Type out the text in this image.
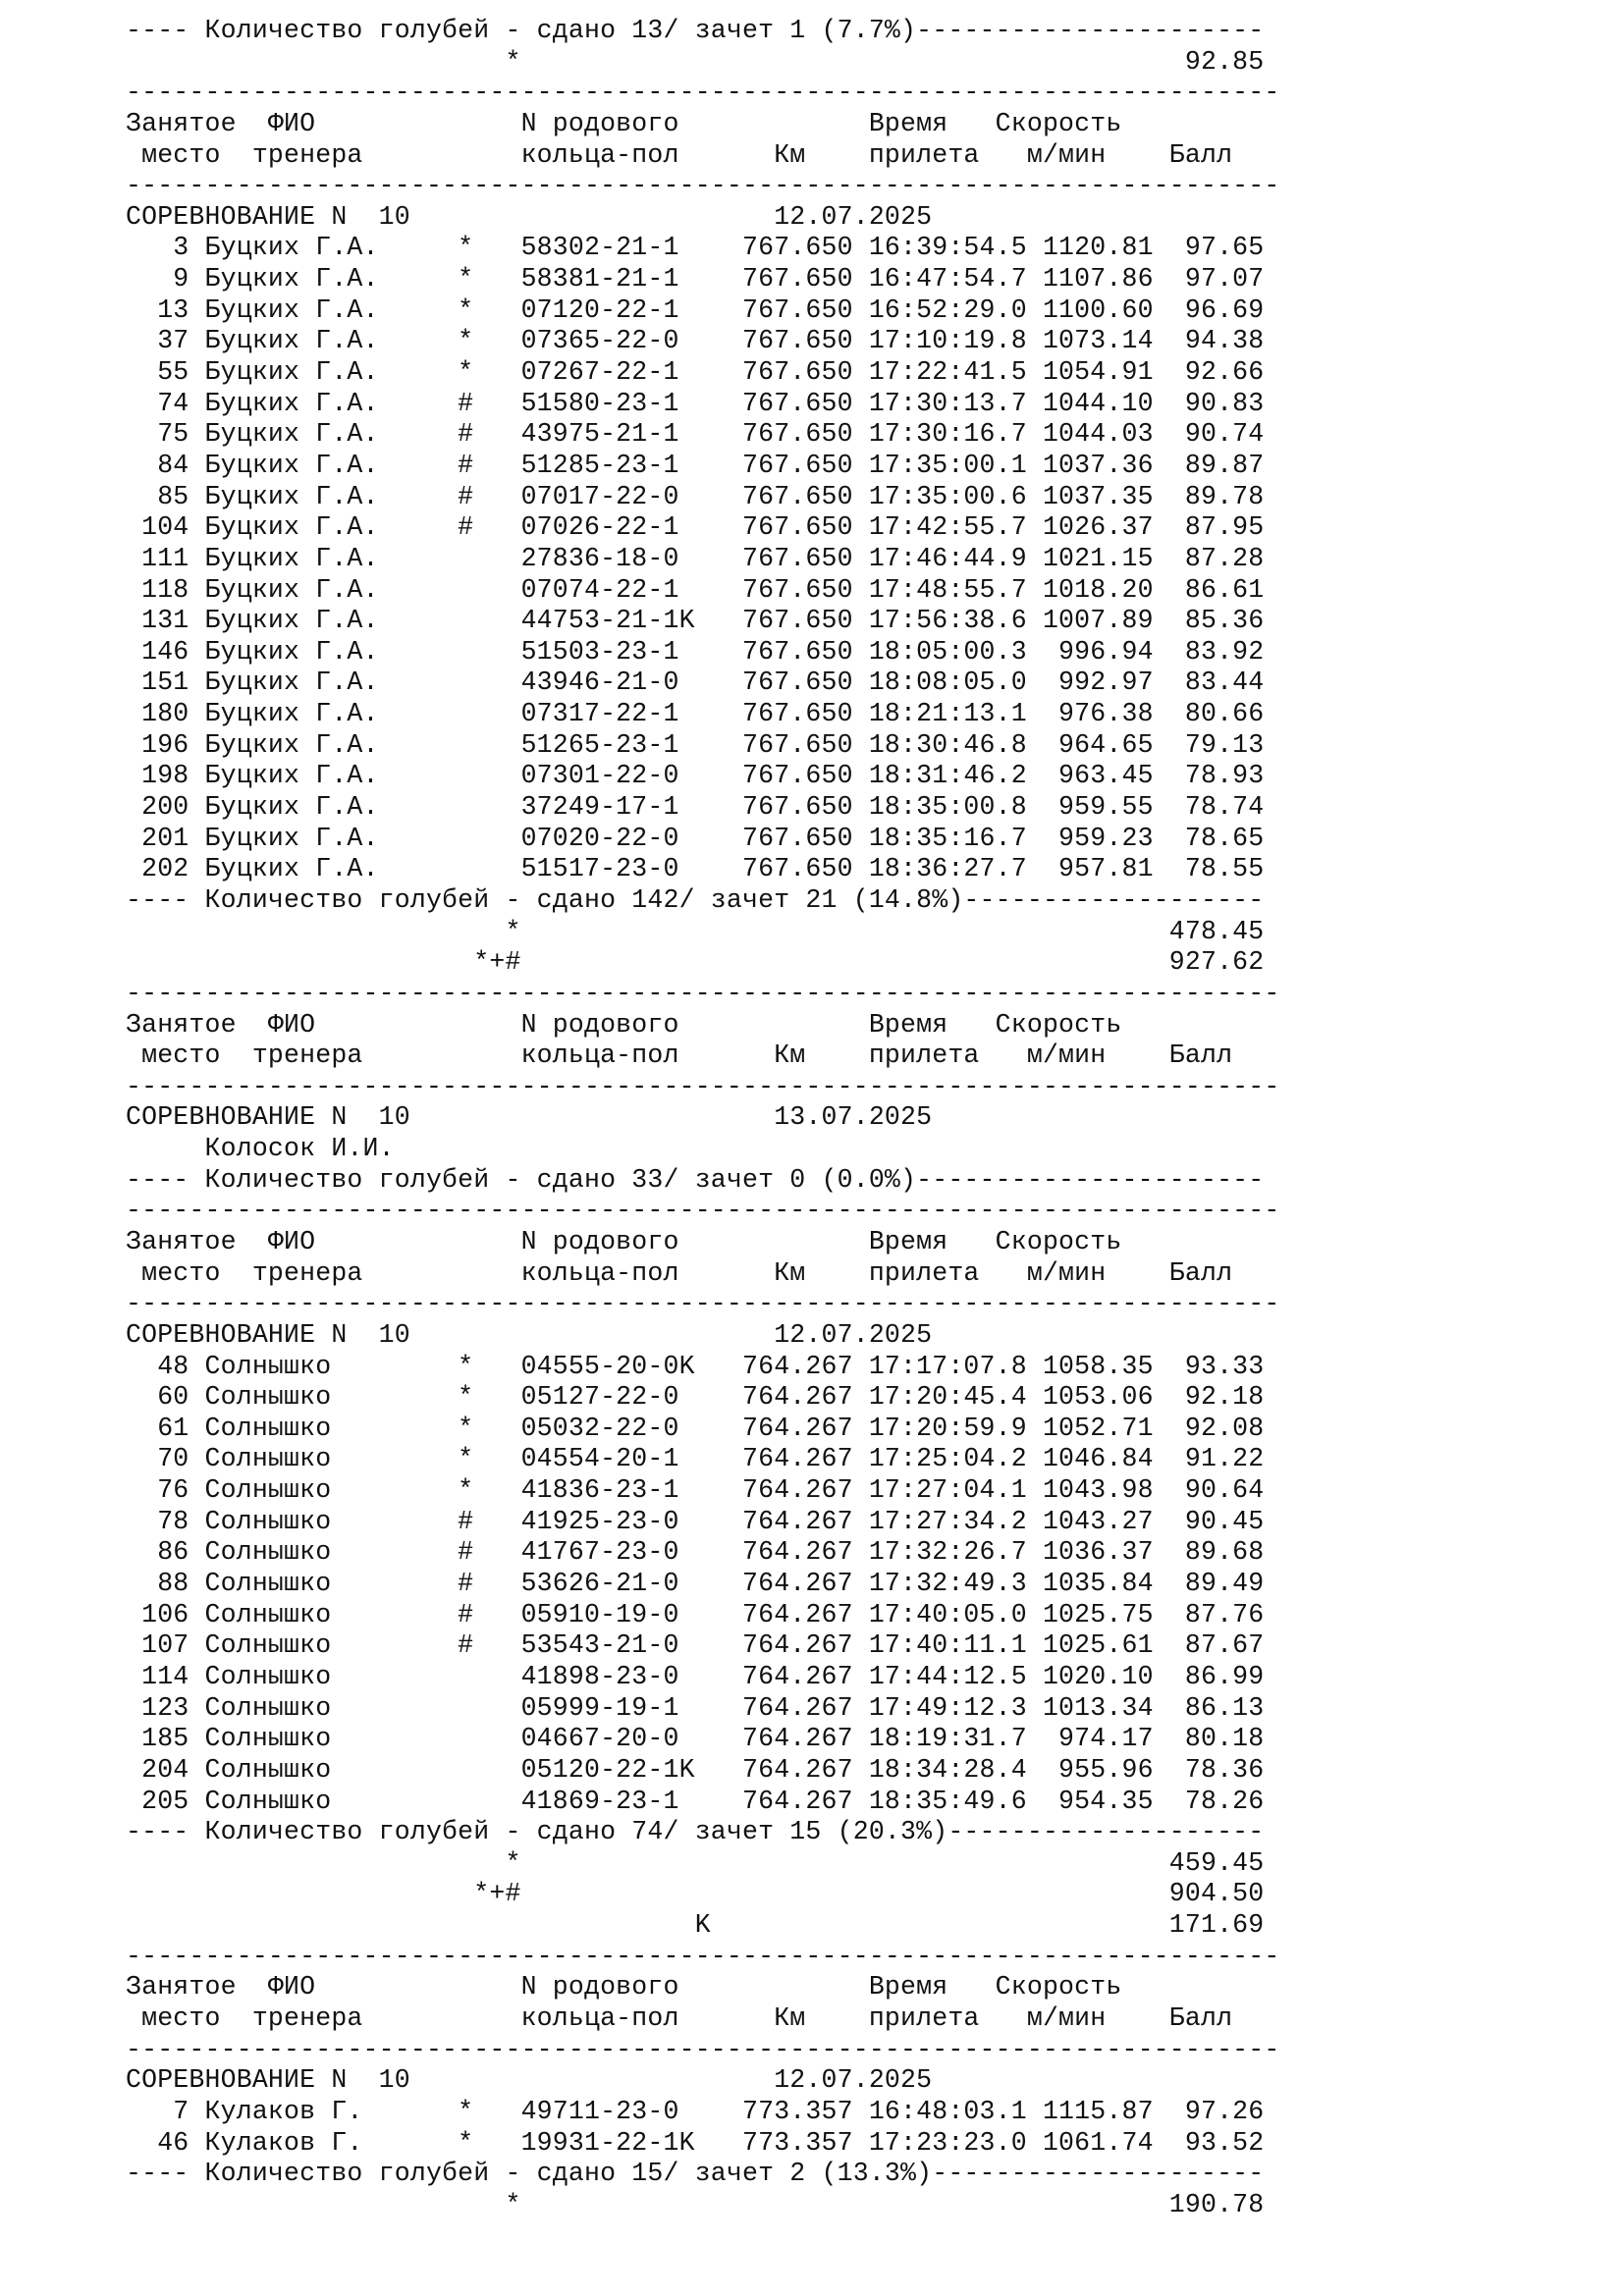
---- Количество голубей - сдано 13/ зачет 1 (7.7%)----------------------
*                                          92.85
-------------------------------------------------------------------------
Занятое  ФИО             N родового            Время   Скорость
место  тренера          кольца-пол      Км    прилета   м/мин    Балл
-------------------------------------------------------------------------
СОРЕВНОВАНИЕ N  10                       12.07.2025
3 Буцких Г.А.     *   58302-21-1    767.650 16:39:54.5 1120.81  97.65
9 Буцких Г.А.     *   58381-21-1    767.650 16:47:54.7 1107.86  97.07
13 Буцких Г.А.     *   07120-22-1    767.650 16:52:29.0 1100.60  96.69
37 Буцких Г.А.     *   07365-22-0    767.650 17:10:19.8 1073.14  94.38
55 Буцких Г.А.     *   07267-22-1    767.650 17:22:41.5 1054.91  92.66
74 Буцких Г.А.     #   51580-23-1    767.650 17:30:13.7 1044.10  90.83
75 Буцких Г.А.     #   43975-21-1    767.650 17:30:16.7 1044.03  90.74
84 Буцких Г.А.     #   51285-23-1    767.650 17:35:00.1 1037.36  89.87
85 Буцких Г.А.     #   07017-22-0    767.650 17:35:00.6 1037.35  89.78
104 Буцких Г.А.     #   07026-22-1    767.650 17:42:55.7 1026.37  87.95
111 Буцких Г.А.         27836-18-0    767.650 17:46:44.9 1021.15  87.28
118 Буцких Г.А.         07074-22-1    767.650 17:48:55.7 1018.20  86.61
131 Буцких Г.А.         44753-21-1K   767.650 17:56:38.6 1007.89  85.36
146 Буцких Г.А.         51503-23-1    767.650 18:05:00.3  996.94  83.92
151 Буцких Г.А.         43946-21-0    767.650 18:08:05.0  992.97  83.44
180 Буцких Г.А.         07317-22-1    767.650 18:21:13.1  976.38  80.66
196 Буцких Г.А.         51265-23-1    767.650 18:30:46.8  964.65  79.13
198 Буцких Г.А.         07301-22-0    767.650 18:31:46.2  963.45  78.93
200 Буцких Г.А.         37249-17-1    767.650 18:35:00.8  959.55  78.74
201 Буцких Г.А.         07020-22-0    767.650 18:35:16.7  959.23  78.65
202 Буцких Г.А.         51517-23-0    767.650 18:36:27.7  957.81  78.55
---- Количество голубей - сдано 142/ зачет 21 (14.8%)-------------------
*                                         478.45
*+#                                         927.62
-------------------------------------------------------------------------
Занятое  ФИО             N родового            Время   Скорость
место  тренера          кольца-пол      Км    прилета   м/мин    Балл
-------------------------------------------------------------------------
СОРЕВНОВАНИЕ N  10                       13.07.2025
Колосок И.И.
---- Количество голубей - сдано 33/ зачет 0 (0.0%)----------------------
-------------------------------------------------------------------------
Занятое  ФИО             N родового            Время   Скорость
место  тренера          кольца-пол      Км    прилета   м/мин    Балл
-------------------------------------------------------------------------
СОРЕВНОВАНИЕ N  10                       12.07.2025
48 Солнышко        *   04555-20-0K   764.267 17:17:07.8 1058.35  93.33
60 Солнышко        *   05127-22-0    764.267 17:20:45.4 1053.06  92.18
61 Солнышко        *   05032-22-0    764.267 17:20:59.9 1052.71  92.08
70 Солнышко        *   04554-20-1    764.267 17:25:04.2 1046.84  91.22
76 Солнышко        *   41836-23-1    764.267 17:27:04.1 1043.98  90.64
78 Солнышко        #   41925-23-0    764.267 17:27:34.2 1043.27  90.45
86 Солнышко        #   41767-23-0    764.267 17:32:26.7 1036.37  89.68
88 Солнышко        #   53626-21-0    764.267 17:32:49.3 1035.84  89.49
106 Солнышко        #   05910-19-0    764.267 17:40:05.0 1025.75  87.76
107 Солнышко        #   53543-21-0    764.267 17:40:11.1 1025.61  87.67
114 Солнышко            41898-23-0    764.267 17:44:12.5 1020.10  86.99
123 Солнышко            05999-19-1    764.267 17:49:12.3 1013.34  86.13
185 Солнышко            04667-20-0    764.267 18:19:31.7  974.17  80.18
204 Солнышко            05120-22-1K   764.267 18:34:28.4  955.96  78.36
205 Солнышко            41869-23-1    764.267 18:35:49.6  954.35  78.26
---- Количество голубей - сдано 74/ зачет 15 (20.3%)--------------------
*                                         459.45
*+#                                         904.50
K                             171.69
-------------------------------------------------------------------------
Занятое  ФИО             N родового            Время   Скорость
место  тренера          кольца-пол      Км    прилета   м/мин    Балл
-------------------------------------------------------------------------
СОРЕВНОВАНИЕ N  10                       12.07.2025
7 Кулаков Г.      *   49711-23-0    773.357 16:48:03.1 1115.87  97.26
46 Кулаков Г.      *   19931-22-1K   773.357 17:23:23.0 1061.74  93.52
---- Количество голубей - сдано 15/ зачет 2 (13.3%)---------------------
*                                         190.78
